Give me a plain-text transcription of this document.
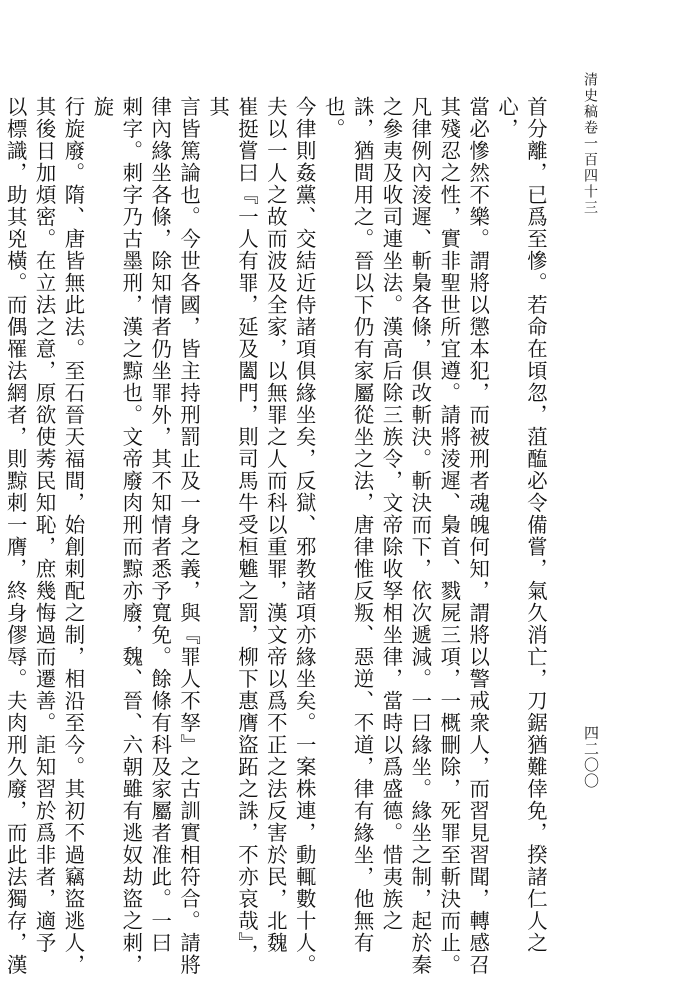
清史稿卷一百四十三
四二〇〇
首分離，已爲至慘。若命在頃忽，菹醢必令備嘗，氣久消亡，刀鋸猶難倖免，揆諸仁人之心，
當必慘然不樂。謂將以懲本犯，而被刑者魂魄何知，謂將以警戒衆人，而習見習聞，轉感召
其殘忍之性，實非聖世所宜遵。請將淩遲、梟首、戮屍三項，一概刪除，死罪至斬決而止。
凡律例內淩遲、斬梟各條，俱改斬決。斬決而下，依次遞減。一曰緣坐。緣坐之制，起於秦
之參夷及收司連坐法。漢高后除三族令，文帝除收孥相坐律，當時以爲盛德。惜夷族之
誅，猶間用之。晉以下仍有家屬從坐之法，唐律惟反叛、惡逆、不道，律有緣坐，他無有也。
今律則姦黨、交結近侍諸項俱緣坐矣，反獄、邪教諸項亦緣坐矣。一案株連，動輒數十人。
夫以一人之故而波及全家，以無罪之人而科以重罪，漢文帝以爲不正之法反害於民，北魏
崔挺嘗曰『一人有罪，延及闔門，則司馬牛受桓魋之罰，柳下惠膺盜跖之誅，不亦哀哉』，其
言皆篤論也。今世各國，皆主持刑罰止及一身之義，與『罪人不孥』之古訓實相符合。請將
律內緣坐各條，除知情者仍坐罪外，其不知情者悉予寬免。餘條有科及家屬者准此。一曰
刺字。刺字乃古墨刑，漢之黥也。文帝廢肉刑而黥亦廢，魏、晉、六朝雖有逃奴劫盜之刺，旋
行旋廢。隋、唐皆無此法。至石晉天福間，始創刺配之制，相沿至今。其初不過竊盜逃人，
其後日加煩密。在立法之意，原欲使莠民知恥，庶幾悔過而遷善。詎知習於爲非者，適予
以標識，助其兇橫。而偶罹法網者，則黥刺一膺，終身僇辱。夫肉刑久廢，而此法獨存，漢
